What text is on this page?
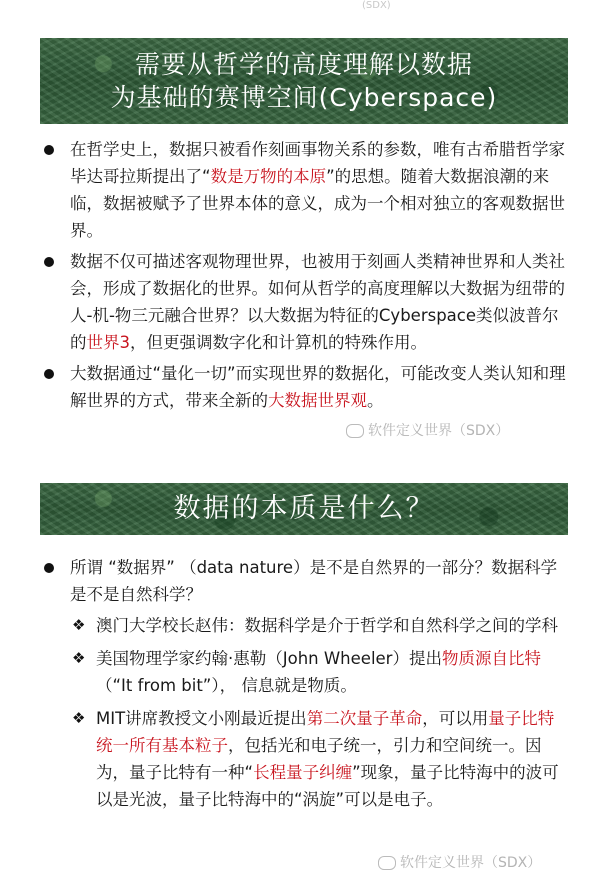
(SDX)
需要从哲学的高度理解以数据
为基础的赛博空间(Cyberspace)
在哲学史上，数据只被看作刻画事物关系的参数，唯有古希腊哲学家毕达哥拉斯提出了“数是万物的本原”的思想。随着大数据浪潮的来临，数据被赋予了世界本体的意义，成为一个相对独立的客观数据世界。
数据不仅可描述客观物理世界，也被用于刻画人类精神世界和人类社会，形成了数据化的世界。如何从哲学的高度理解以大数据为纽带的人-机-物三元融合世界？以大数据为特征的Cyberspace类似波普尔的世界3，但更强调数字化和计算机的特殊作用。
大数据通过“量化一切”而实现世界的数据化，可能改变人类认知和理解世界的方式，带来全新的大数据世界观。
软件定义世界（SDX）
数据的本质是什么？
所谓 “数据界” （data nature）是不是自然界的一部分？数据科学是不是自然科学？
❖ 澳门大学校长赵伟：数据科学是介于哲学和自然科学之间的学科
❖ 美国物理学家约翰·惠勒（John Wheeler）提出物质源自比特（“It from bit”）， 信息就是物质。
❖ MIT讲席教授文小刚最近提出第二次量子革命，可以用量子比特统一所有基本粒子，包括光和电子统一，引力和空间统一。因为，量子比特有一种“长程量子纠缠”现象，量子比特海中的波可以是光波，量子比特海中的“涡旋”可以是电子。
软件定义世界（SDX）
